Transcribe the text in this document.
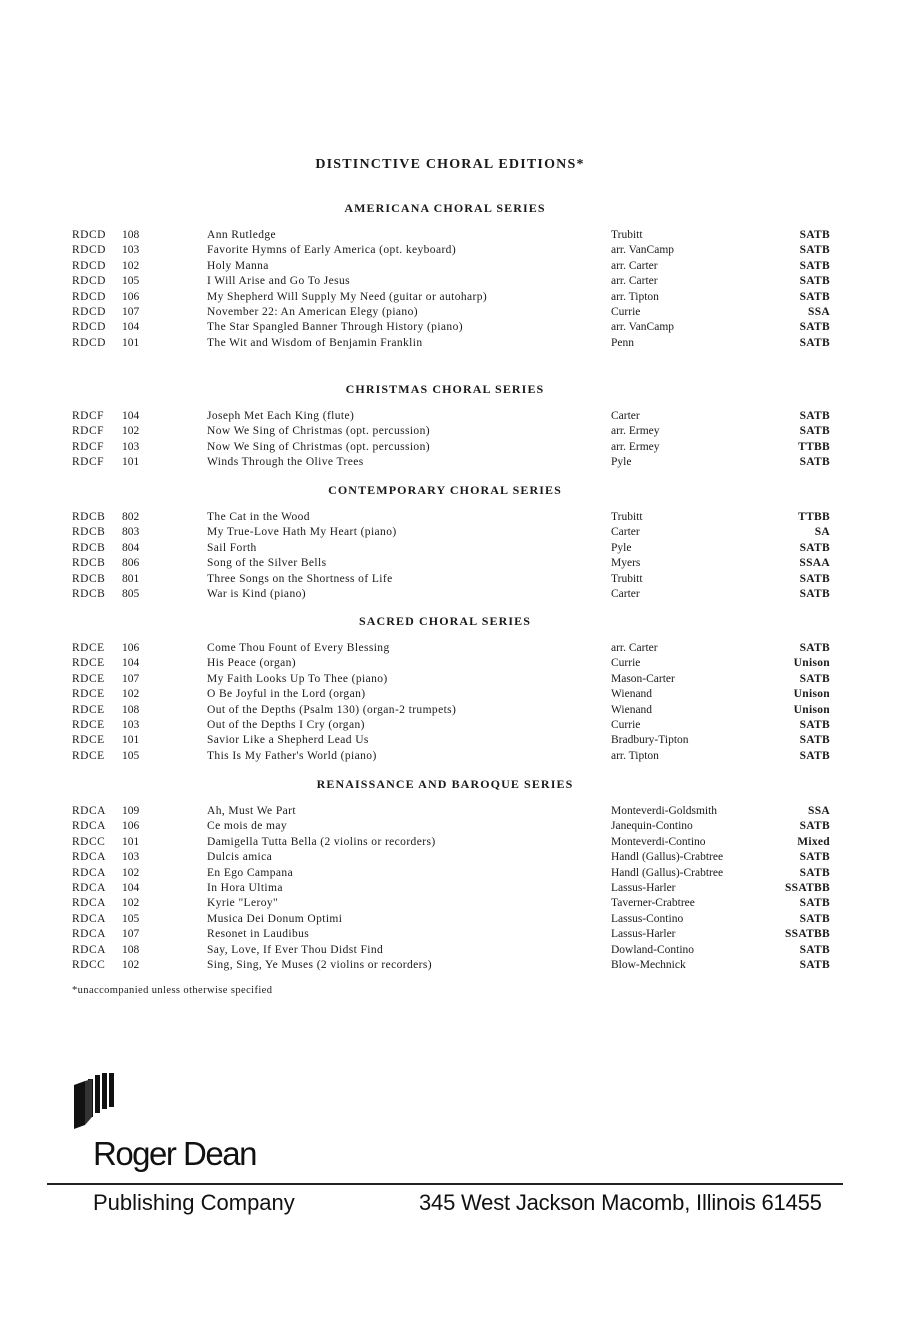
DISTINCTIVE CHORAL EDITIONS*
AMERICANA CHORAL SERIES
RDCD 108	Ann Rutledge	Trubitt	SATB
RDCD 103	Favorite Hymns of Early America (opt. keyboard)	arr. VanCamp	SATB
RDCD 102	Holy Manna	arr. Carter	SATB
RDCD 105	I Will Arise and Go To Jesus	arr. Carter	SATB
RDCD 106	My Shepherd Will Supply My Need (guitar or autoharp)	arr. Tipton	SATB
RDCD 107	November 22: An American Elegy (piano)	Currie	SSA
RDCD 104	The Star Spangled Banner Through History (piano)	arr. VanCamp	SATB
RDCD 101	The Wit and Wisdom of Benjamin Franklin	Penn	SATB
CHRISTMAS CHORAL SERIES
RDCF 104	Joseph Met Each King (flute)	Carter	SATB
RDCF 102	Now We Sing of Christmas (opt. percussion)	arr. Ermey	SATB
RDCF 103	Now We Sing of Christmas (opt. percussion)	arr. Ermey	TTBB
RDCF 101	Winds Through the Olive Trees	Pyle	SATB
CONTEMPORARY CHORAL SERIES
RDCB 802	The Cat in the Wood	Trubitt	TTBB
RDCB 803	My True-Love Hath My Heart (piano)	Carter	SA
RDCB 804	Sail Forth	Pyle	SATB
RDCB 806	Song of the Silver Bells	Myers	SSAA
RDCB 801	Three Songs on the Shortness of Life	Trubitt	SATB
RDCB 805	War is Kind (piano)	Carter	SATB
SACRED CHORAL SERIES
RDCE 106	Come Thou Fount of Every Blessing	arr. Carter	SATB
RDCE 104	His Peace (organ)	Currie	Unison
RDCE 107	My Faith Looks Up To Thee (piano)	Mason-Carter	SATB
RDCE 102	O Be Joyful in the Lord (organ)	Wienand	Unison
RDCE 108	Out of the Depths (Psalm 130) (organ-2 trumpets)	Wienand	Unison
RDCE 103	Out of the Depths I Cry (organ)	Currie	SATB
RDCE 101	Savior Like a Shepherd Lead Us	Bradbury-Tipton	SATB
RDCE 105	This Is My Father's World (piano)	arr. Tipton	SATB
RENAISSANCE AND BAROQUE SERIES
RDCA 109	Ah, Must We Part	Monteverdi-Goldsmith	SSA
RDCA 106	Ce mois de may	Janequin-Contino	SATB
RDCC 101	Damigella Tutta Bella (2 violins or recorders)	Monteverdi-Contino	Mixed
RDCA 103	Dulcis amica	Handl (Gallus)-Crabtree	SATB
RDCA 102	En Ego Campana	Handl (Gallus)-Crabtree	SATB
RDCA 104	In Hora Ultima	Lassus-Harler	SSATBB
RDCA 102	Kyrie "Leroy"	Taverner-Crabtree	SATB
RDCA 105	Musica Dei Donum Optimi	Lassus-Contino	SATB
RDCA 107	Resonet in Laudibus	Lassus-Harler	SSATBB
RDCA 108	Say, Love, If Ever Thou Didst Find	Dowland-Contino	SATB
RDCC 102	Sing, Sing, Ye Muses (2 violins or recorders)	Blow-Mechnick	SATB
*unaccompanied unless otherwise specified
Roger Dean
Publishing Company	345 West Jackson Macomb, Illinois 61455
